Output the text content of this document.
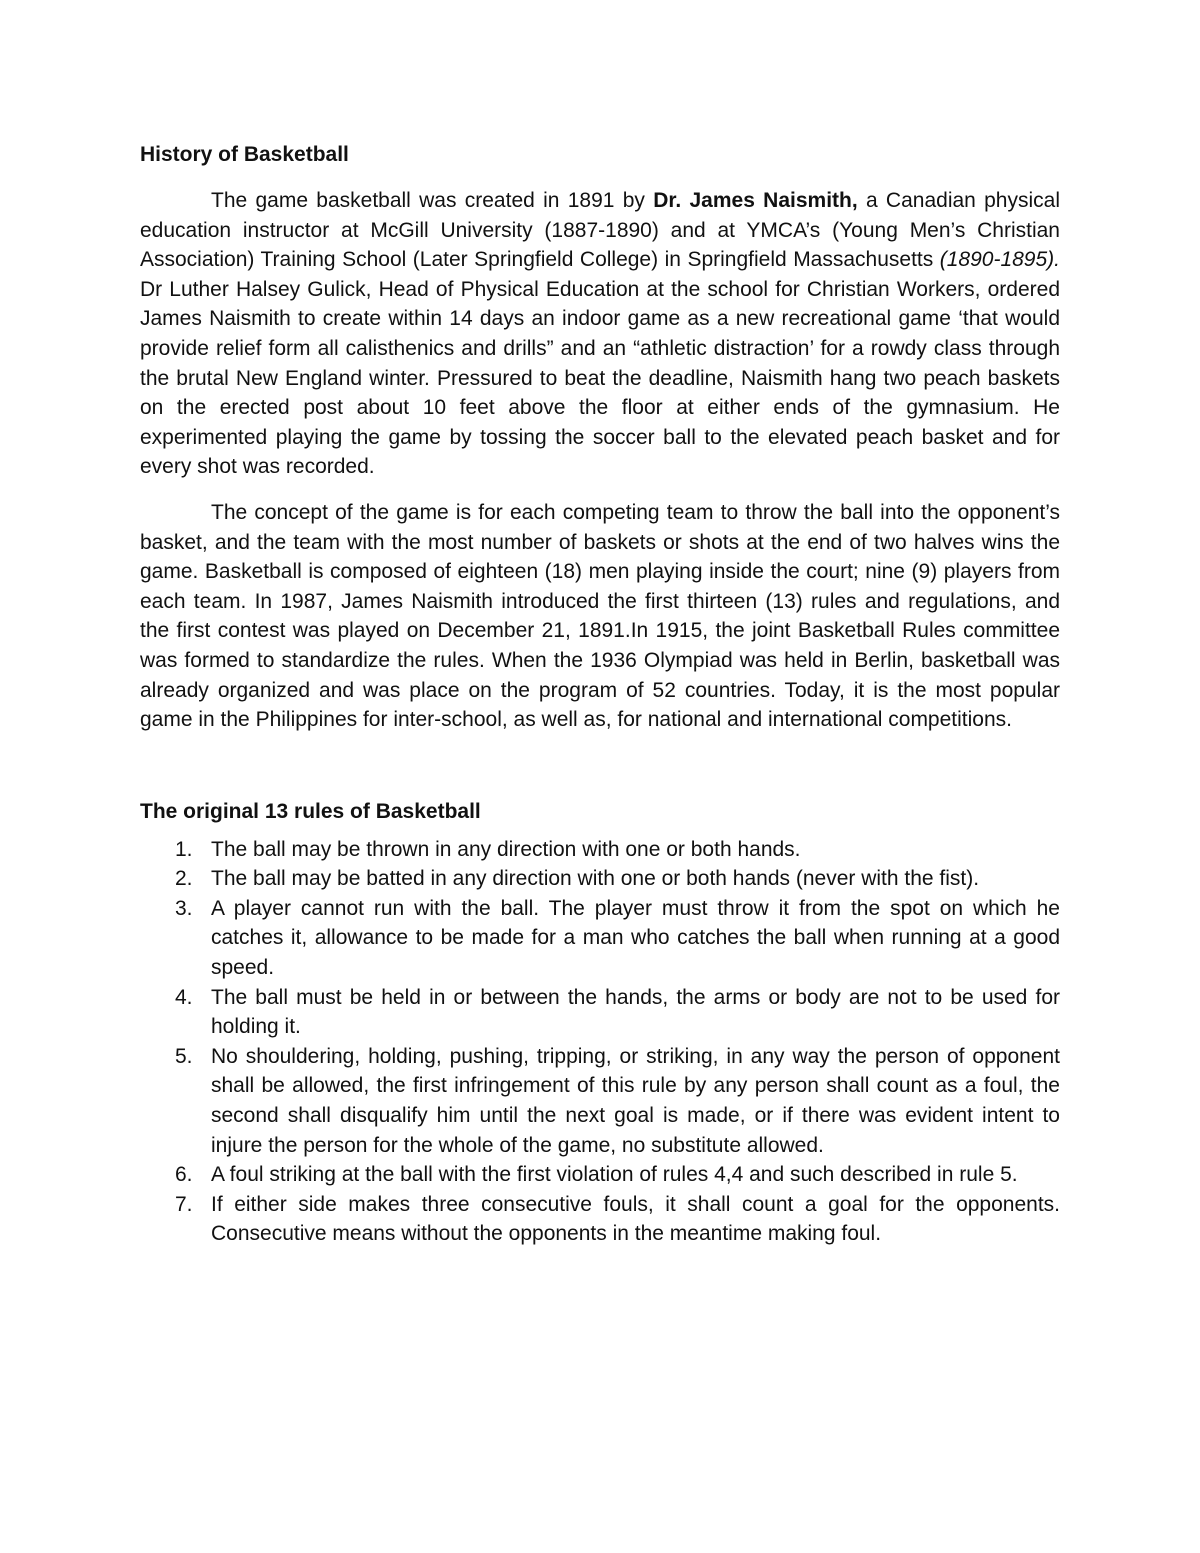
History of Basketball

The game basketball was created in 1891 by Dr. James Naismith, a Canadian physical education instructor at McGill University (1887-1890) and at YMCA’s (Young Men’s Christian Association) Training School (Later Springfield College) in Springfield Massachusetts (1890-1895). Dr Luther Halsey Gulick, Head of Physical Education at the school for Christian Workers, ordered James Naismith to create within 14 days an indoor game as a new recreational game ‘that would provide relief form all calisthenics and drills” and an “athletic distraction’ for a rowdy class through the brutal New England winter. Pressured to beat the deadline, Naismith hang two peach baskets on the erected post about 10 feet above the floor at either ends of the gymnasium. He experimented playing the game by tossing the soccer ball to the elevated peach basket and for every shot was recorded.

The concept of the game is for each competing team to throw the ball into the opponent’s basket, and the team with the most number of baskets or shots at the end of two halves wins the game. Basketball is composed of eighteen (18) men playing inside the court; nine (9) players from each team. In 1987, James Naismith introduced the first thirteen (13) rules and regulations, and the first contest was played on December 21, 1891.In 1915, the joint Basketball Rules committee was formed to standardize the rules. When the 1936 Olympiad was held in Berlin, basketball was already organized and was place on the program of 52 countries. Today, it is the most popular game in the Philippines for inter-school, as well as, for national and international competitions.

The original 13 rules of Basketball
1. The ball may be thrown in any direction with one or both hands.
2. The ball may be batted in any direction with one or both hands (never with the fist).
3. A player cannot run with the ball. The player must throw it from the spot on which he catches it, allowance to be made for a man who catches the ball when running at a good speed.
4. The ball must be held in or between the hands, the arms or body are not to be used for holding it.
5. No shouldering, holding, pushing, tripping, or striking, in any way the person of opponent shall be allowed, the first infringement of this rule by any person shall count as a foul, the second shall disqualify him until the next goal is made, or if there was evident intent to injure the person for the whole of the game, no substitute allowed.
6. A foul striking at the ball with the first violation of rules 4,4 and such described in rule 5.
7. If either side makes three consecutive fouls, it shall count a goal for the opponents. Consecutive means without the opponents in the meantime making foul.
